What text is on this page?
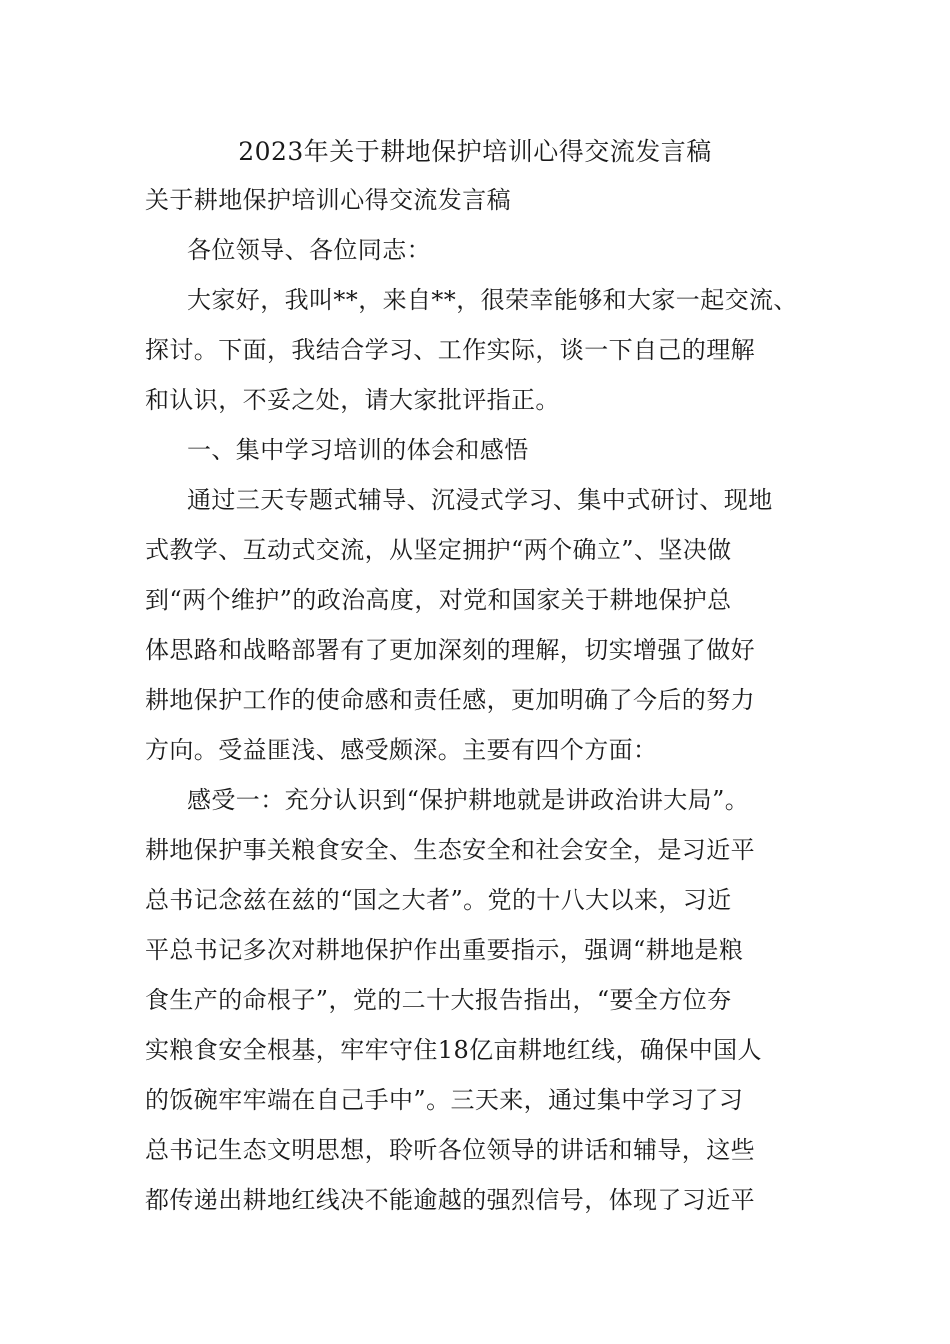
2023年关于耕地保护培训心得交流发言稿
关于耕地保护培训心得交流发言稿
各位领导、各位同志：
大家好，我叫**，来自**，很荣幸能够和大家一起交流、
探讨。下面，我结合学习、工作实际，谈一下自己的理解
和认识，不妥之处，请大家批评指正。
一、集中学习培训的体会和感悟
通过三天专题式辅导、沉浸式学习、集中式研讨、现地
式教学、互动式交流，从坚定拥护“两个确立”、坚决做
到“两个维护”的政治高度，对党和国家关于耕地保护总
体思路和战略部署有了更加深刻的理解，切实增强了做好
耕地保护工作的使命感和责任感，更加明确了今后的努力
方向。受益匪浅、感受颇深。主要有四个方面：
感受一：充分认识到“保护耕地就是讲政治讲大局”。
耕地保护事关粮食安全、生态安全和社会安全，是习近平
总书记念兹在兹的“国之大者”。党的十八大以来，习近
平总书记多次对耕地保护作出重要指示，强调“耕地是粮
食生产的命根子”，党的二十大报告指出，“要全方位夯
实粮食安全根基，牢牢守住18亿亩耕地红线，确保中国人
的饭碗牢牢端在自己手中”。三天来，通过集中学习了习
总书记生态文明思想，聆听各位领导的讲话和辅导，这些
都传递出耕地红线决不能逾越的强烈信号，体现了习近平
